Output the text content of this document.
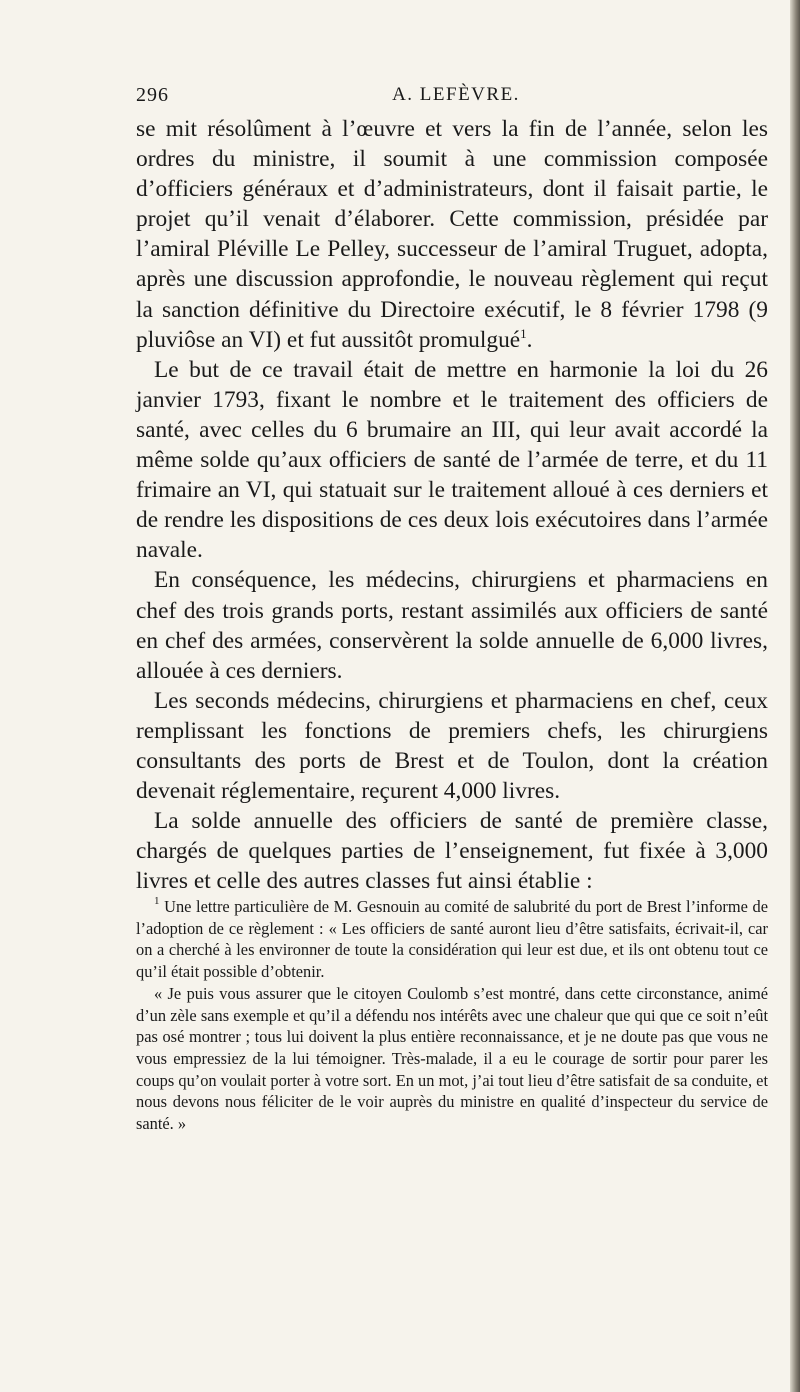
296	A. LEFÈVRE.

se mit résolûment à l’œuvre et vers la fin de l’année, selon les ordres du ministre, il soumit à une commission composée d’officiers généraux et d’administrateurs, dont il faisait partie, le projet qu’il venait d’élaborer. Cette commission, présidée par l’amiral Pléville Le Pelley, successeur de l’amiral Truguet, adopta, après une discussion approfondie, le nouveau règlement qui reçut la sanction définitive du Directoire exécutif, le 8 février 1798 (9 pluviôse an VI) et fut aussitôt promulgué$^1$.

Le but de ce travail était de mettre en harmonie la loi du 26 janvier 1793, fixant le nombre et le traitement des officiers de santé, avec celles du 6 brumaire an III, qui leur avait accordé la même solde qu’aux officiers de santé de l’armée de terre, et du 11 frimaire an VI, qui statuait sur le traitement alloué à ces derniers et de rendre les dispositions de ces deux lois exécutoires dans l’armée navale.

En conséquence, les médecins, chirurgiens et pharmaciens en chef des trois grands ports, restant assimilés aux officiers de santé en chef des armées, conservèrent la solde annuelle de 6,000 livres, allouée à ces derniers.

Les seconds médecins, chirurgiens et pharmaciens en chef, ceux remplissant les fonctions de premiers chefs, les chirurgiens consultants des ports de Brest et de Toulon, dont la création devenait réglementaire, reçurent 4,000 livres.

La solde annuelle des officiers de santé de première classe, chargés de quelques parties de l’enseignement, fut fixée à 3,000 livres et celle des autres classes fut ainsi établie :

$^1$ Une lettre particulière de M. Gesnouin au comité de salubrité du port de Brest l’informe de l’adoption de ce règlement : « Les officiers de santé auront lieu d’être satisfaits, écrivait-il, car on a cherché à les environner de toute la considération qui leur est due, et ils ont obtenu tout ce qu’il était possible d’obtenir.

« Je puis vous assurer que le citoyen Coulomb s’est montré, dans cette circonstance, animé d’un zèle sans exemple et qu’il a défendu nos intérêts avec une chaleur que qui que ce soit n’eût pas osé montrer ; tous lui doivent la plus entière reconnaissance, et je ne doute pas que vous ne vous empressiez de la lui témoigner. Très-malade, il a eu le courage de sortir pour parer les coups qu’on voulait porter à votre sort. En un mot, j’ai tout lieu d’être satisfait de sa conduite, et nous devons nous féliciter de le voir auprès du ministre en qualité d’inspecteur du service de santé. »
